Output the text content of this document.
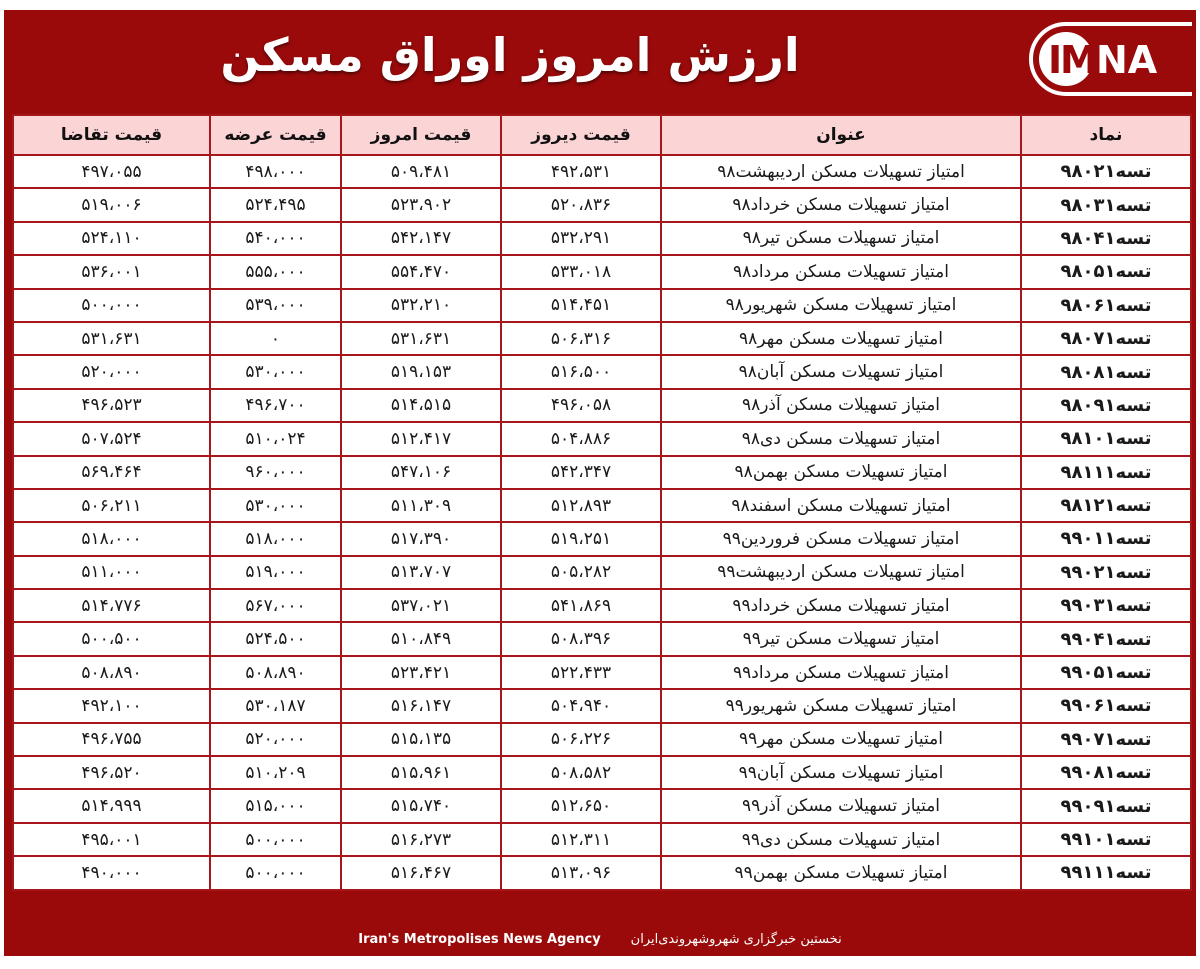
ارزش امروز اوراق مسکن	I
M
NA
نماد	عنوان	قیمت دیروز	قیمت امروز	قیمت عرضه	قیمت تقاضا
تسه۹۸۰۲۱	امتیاز تسهیلات مسکن اردیبهشت۹۸	۴۹۲،۵۳۱	۵۰۹،۴۸۱	۴۹۸،۰۰۰	۴۹۷،۰۵۵
تسه۹۸۰۳۱	امتیاز تسهیلات مسکن خرداد۹۸	۵۲۰،۸۳۶	۵۲۳،۹۰۲	۵۲۴،۴۹۵	۵۱۹،۰۰۶
تسه۹۸۰۴۱	امتیاز تسهیلات مسکن تیر۹۸	۵۳۲،۲۹۱	۵۴۲،۱۴۷	۵۴۰،۰۰۰	۵۲۴،۱۱۰
تسه۹۸۰۵۱	امتیاز تسهیلات مسکن مرداد۹۸	۵۳۳،۰۱۸	۵۵۴،۴۷۰	۵۵۵،۰۰۰	۵۳۶،۰۰۱
تسه۹۸۰۶۱	امتیاز تسهیلات مسکن شهریور۹۸	۵۱۴،۴۵۱	۵۳۲،۲۱۰	۵۳۹،۰۰۰	۵۰۰،۰۰۰
تسه۹۸۰۷۱	امتیاز تسهیلات مسکن مهر۹۸	۵۰۶،۳۱۶	۵۳۱،۶۳۱	۰	۵۳۱،۶۳۱
تسه۹۸۰۸۱	امتیاز تسهیلات مسکن آبان۹۸	۵۱۶،۵۰۰	۵۱۹،۱۵۳	۵۳۰،۰۰۰	۵۲۰،۰۰۰
تسه۹۸۰۹۱	امتیاز تسهیلات مسکن آذر۹۸	۴۹۶،۰۵۸	۵۱۴،۵۱۵	۴۹۶،۷۰۰	۴۹۶،۵۲۳
تسه۹۸۱۰۱	امتیاز تسهیلات مسکن دی۹۸	۵۰۴،۸۸۶	۵۱۲،۴۱۷	۵۱۰،۰۲۴	۵۰۷،۵۲۴
تسه۹۸۱۱۱	امتیاز تسهیلات مسکن بهمن۹۸	۵۴۲،۳۴۷	۵۴۷،۱۰۶	۹۶۰،۰۰۰	۵۶۹،۴۶۴
تسه۹۸۱۲۱	امتیاز تسهیلات مسکن اسفند۹۸	۵۱۲،۸۹۳	۵۱۱،۳۰۹	۵۳۰،۰۰۰	۵۰۶،۲۱۱
تسه۹۹۰۱۱	امتیاز تسهیلات مسکن فروردین۹۹	۵۱۹،۲۵۱	۵۱۷،۳۹۰	۵۱۸،۰۰۰	۵۱۸،۰۰۰
تسه۹۹۰۲۱	امتیاز تسهیلات مسکن اردیبهشت۹۹	۵۰۵،۲۸۲	۵۱۳،۷۰۷	۵۱۹،۰۰۰	۵۱۱،۰۰۰
تسه۹۹۰۳۱	امتیاز تسهیلات مسکن خرداد۹۹	۵۴۱،۸۶۹	۵۳۷،۰۲۱	۵۶۷،۰۰۰	۵۱۴،۷۷۶
تسه۹۹۰۴۱	امتیاز تسهیلات مسکن تیر۹۹	۵۰۸،۳۹۶	۵۱۰،۸۴۹	۵۲۴،۵۰۰	۵۰۰،۵۰۰
تسه۹۹۰۵۱	امتیاز تسهیلات مسکن مرداد۹۹	۵۲۲،۴۳۳	۵۲۳،۴۲۱	۵۰۸،۸۹۰	۵۰۸،۸۹۰
تسه۹۹۰۶۱	امتیاز تسهیلات مسکن شهریور۹۹	۵۰۴،۹۴۰	۵۱۶،۱۴۷	۵۳۰،۱۸۷	۴۹۲،۱۰۰
تسه۹۹۰۷۱	امتیاز تسهیلات مسکن مهر۹۹	۵۰۶،۲۲۶	۵۱۵،۱۳۵	۵۲۰،۰۰۰	۴۹۶،۷۵۵
تسه۹۹۰۸۱	امتیاز تسهیلات مسکن آبان۹۹	۵۰۸،۵۸۲	۵۱۵،۹۶۱	۵۱۰،۲۰۹	۴۹۶،۵۲۰
تسه۹۹۰۹۱	امتیاز تسهیلات مسکن آذر۹۹	۵۱۲،۶۵۰	۵۱۵،۷۴۰	۵۱۵،۰۰۰	۵۱۴،۹۹۹
تسه۹۹۱۰۱	امتیاز تسهیلات مسکن دی۹۹	۵۱۲،۳۱۱	۵۱۶،۲۷۳	۵۰۰،۰۰۰	۴۹۵،۰۰۱
تسه۹۹۱۱۱	امتیاز تسهیلات مسکن بهمن۹۹	۵۱۳،۰۹۶	۵۱۶،۴۶۷	۵۰۰،۰۰۰	۴۹۰،۰۰۰
Iran's Metropolises News Agency نخستین خبرگزاری شهروشهروندی‌ایران
